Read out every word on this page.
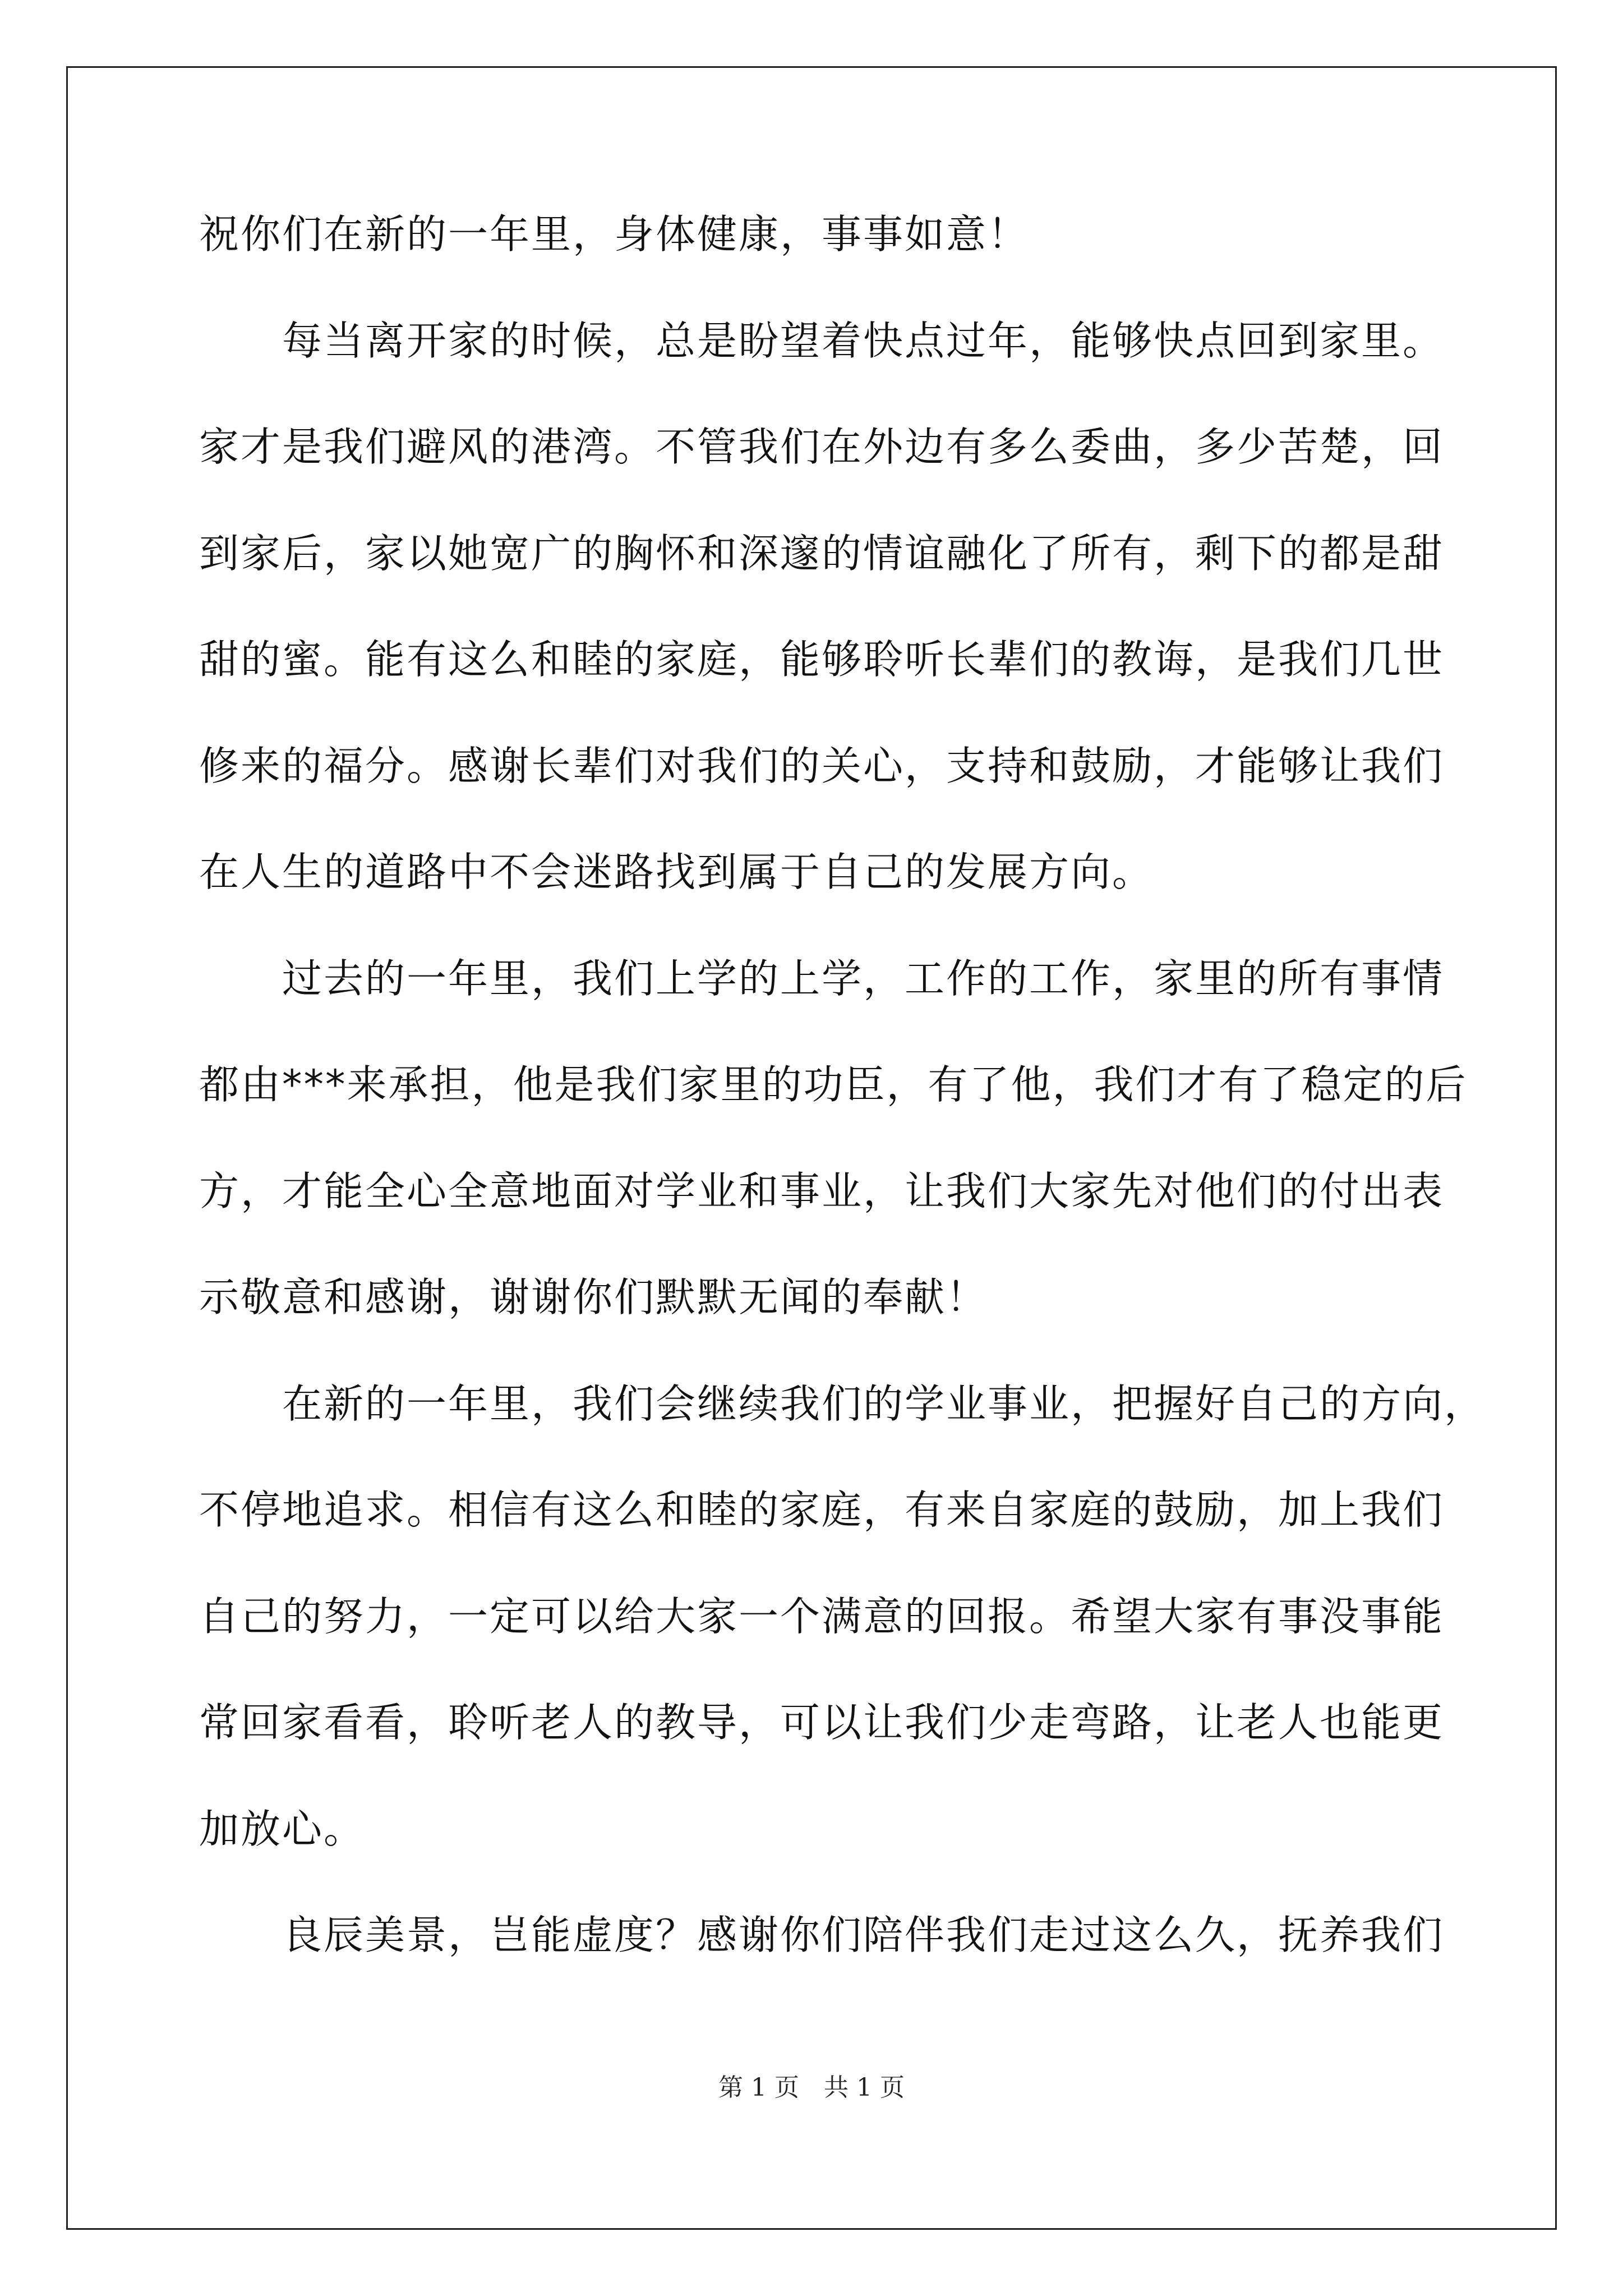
祝你们在新的一年里，身体健康，事事如意！
每当离开家的时候，总是盼望着快点过年，能够快点回到家里。
家才是我们避风的港湾。不管我们在外边有多么委曲，多少苦楚，回
到家后，家以她宽广的胸怀和深邃的情谊融化了所有，剩下的都是甜
甜的蜜。能有这么和睦的家庭，能够聆听长辈们的教诲，是我们几世
修来的福分。感谢长辈们对我们的关心，支持和鼓励，才能够让我们
在人生的道路中不会迷路找到属于自己的发展方向。
过去的一年里，我们上学的上学，工作的工作，家里的所有事情
都由***来承担，他是我们家里的功臣，有了他，我们才有了稳定的后
方，才能全心全意地面对学业和事业，让我们大家先对他们的付出表
示敬意和感谢，谢谢你们默默无闻的奉献！
在新的一年里，我们会继续我们的学业事业，把握好自己的方向，
不停地追求。相信有这么和睦的家庭，有来自家庭的鼓励，加上我们
自己的努力，一定可以给大家一个满意的回报。希望大家有事没事能
常回家看看，聆听老人的教导，可以让我们少走弯路，让老人也能更
加放心。
良辰美景，岂能虚度？感谢你们陪伴我们走过这么久，抚养我们
第 1 页　共 1 页
